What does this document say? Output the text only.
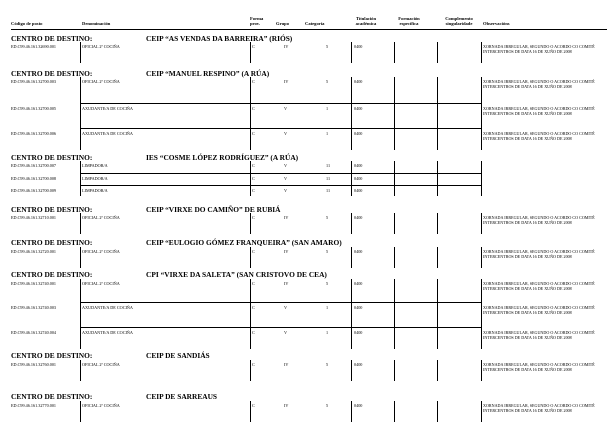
Código de posto	Denominación
Forma prov.	Grupo	Categoría
Titulación académica
Formación específica
Complemento singularidade	Observacións
CENTRO DE DESTINO:	CEIP “AS VENDAS DA BARREIRA” (RIÓS)
ED.C99.46.161.32690.001	OFICIAL 2ª COCIÑA	C	IV	5	0400	XORNADA IRREGULAR, SEGUNDO O ACORDO CO COMITÉ INTERCENTROS DE DATA 16 DE XUÑO DE 2008
CENTRO DE DESTINO:	CEIP “MANUEL RESPINO” (A RÚA)
ED.C99.46.161.32700.003	OFICIAL 2ª COCIÑA	C	IV	5	0400	XORNADA IRREGULAR, SEGUNDO O ACORDO CO COMITÉ INTERCENTROS DE DATA 16 DE XUÑO DE 2008
ED.C99.46.161.32700.005	AXUDANTE/A DE COCIÑA	C	V	1	0400	XORNADA IRREGULAR, SEGUNDO O ACORDO CO COMITÉ INTERCENTROS DE DATA 16 DE XUÑO DE 2008
ED.C99.46.161.32700.006	AXUDANTE/A DE COCIÑA	C	V	1	0400	XORNADA IRREGULAR, SEGUNDO O ACORDO CO COMITÉ INTERCENTROS DE DATA 16 DE XUÑO DE 2008
CENTRO DE DESTINO:	IES “COSME LÓPEZ RODRÍGUEZ” (A RÚA)
ED.C99.46.161.32700.007	LIMPADOR/A	C	V	11	0400
ED.C99.46.161.32700.008	LIMPADOR/A	C	V	11	0400
ED.C99.46.161.32700.009	LIMPADOR/A	C	V	11	0400
CENTRO DE DESTINO:	CEIP “VIRXE DO CAMIÑO” DE RUBIÁ
ED.C99.46.161.32710.001	OFICIAL 2ª COCIÑA	C	IV	5	0400	XORNADA IRREGULAR, SEGUNDO O ACORDO CO COMITÉ INTERCENTROS DE DATA 16 DE XUÑO DE 2008
CENTRO DE DESTINO:	CEIP “EULOGIO GÓMEZ FRANQUEIRA” (SAN AMARO)
ED.C99.46.161.32720.001	OFICIAL 2ª COCIÑA	C	IV	5	0400	XORNADA IRREGULAR, SEGUNDO O ACORDO CO COMITÉ INTERCENTROS DE DATA 16 DE XUÑO DE 2008
CENTRO DE DESTINO:	CPI “VIRXE DA SALETA” (SAN CRISTOVO DE CEA)
ED.C99.46.161.32740.001	OFICIAL 2ª COCIÑA	C	IV	5	0400	XORNADA IRREGULAR, SEGUNDO O ACORDO CO COMITÉ INTERCENTROS DE DATA 16 DE XUÑO DE 2008
ED.C99.46.161.32740.003	AXUDANTE/A DE COCIÑA	C	V	1	0400	XORNADA IRREGULAR, SEGUNDO O ACORDO CO COMITÉ INTERCENTROS DE DATA 16 DE XUÑO DE 2008
ED.C99.46.161.32740.004	AXUDANTE/A DE COCIÑA	C	V	1	0400	XORNADA IRREGULAR, SEGUNDO O ACORDO CO COMITÉ INTERCENTROS DE DATA 16 DE XUÑO DE 2008
CENTRO DE DESTINO:	CEIP DE SANDIÁS
ED.C99.46.161.32760.001	OFICIAL 2ª COCIÑA	C	IV	5	0400	XORNADA IRREGULAR, SEGUNDO O ACORDO CO COMITÉ INTERCENTROS DE DATA 16 DE XUÑO DE 2008
CENTRO DE DESTINO:	CEIP DE SARREAUS
ED.C99.46.161.32770.001	OFICIAL 2ª COCIÑA	C	IV	5	0400	XORNADA IRREGULAR, SEGUNDO O ACORDO CO COMITÉ INTERCENTROS DE DATA 16 DE XUÑO DE 2008
